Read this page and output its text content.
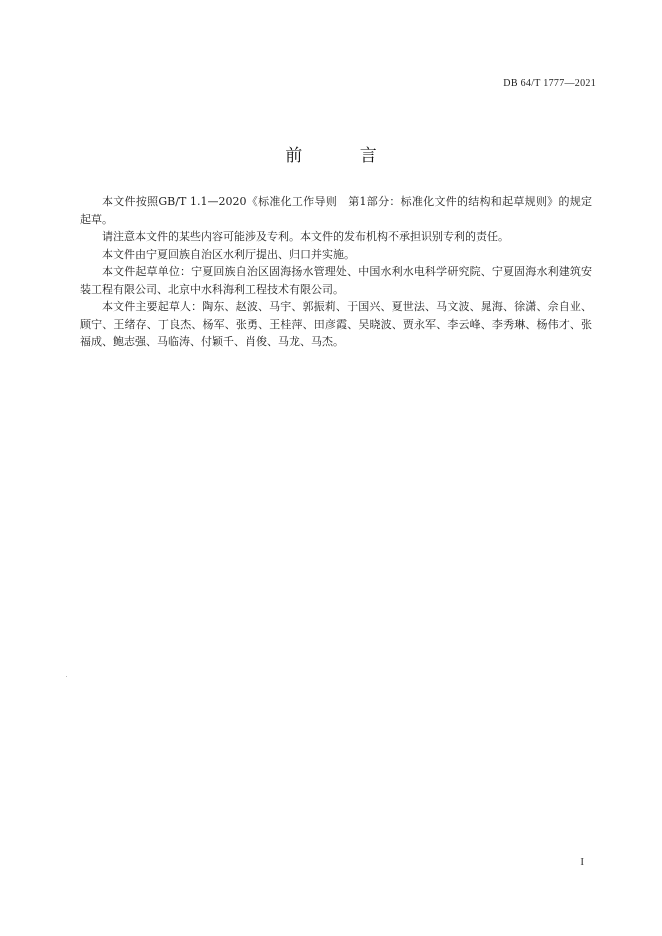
DB 64/T 1777—2021
前 言

本文件按照GB/T 1.1—2020《标准化工作导则　第1部分：标准化文件的结构和起草规则》的规定起草。

请注意本文件的某些内容可能涉及专利。本文件的发布机构不承担识别专利的责任。

本文件由宁夏回族自治区水利厅提出、归口并实施。

本文件起草单位：宁夏回族自治区固海扬水管理处、中国水利水电科学研究院、宁夏固海水利建筑安装工程有限公司、北京中水科海利工程技术有限公司。

本文件主要起草人：陶东、赵波、马宇、郭振莉、于国兴、夏世法、马文波、晁海、徐潇、佘自业、顾宁、王绪存、丁良杰、杨军、张勇、王桂萍、田彦霞、吴晓波、贾永军、李云峰、李秀琳、杨伟才、张福成、鲍志强、马临涛、付颖千、肖俊、马龙、马杰。

I
